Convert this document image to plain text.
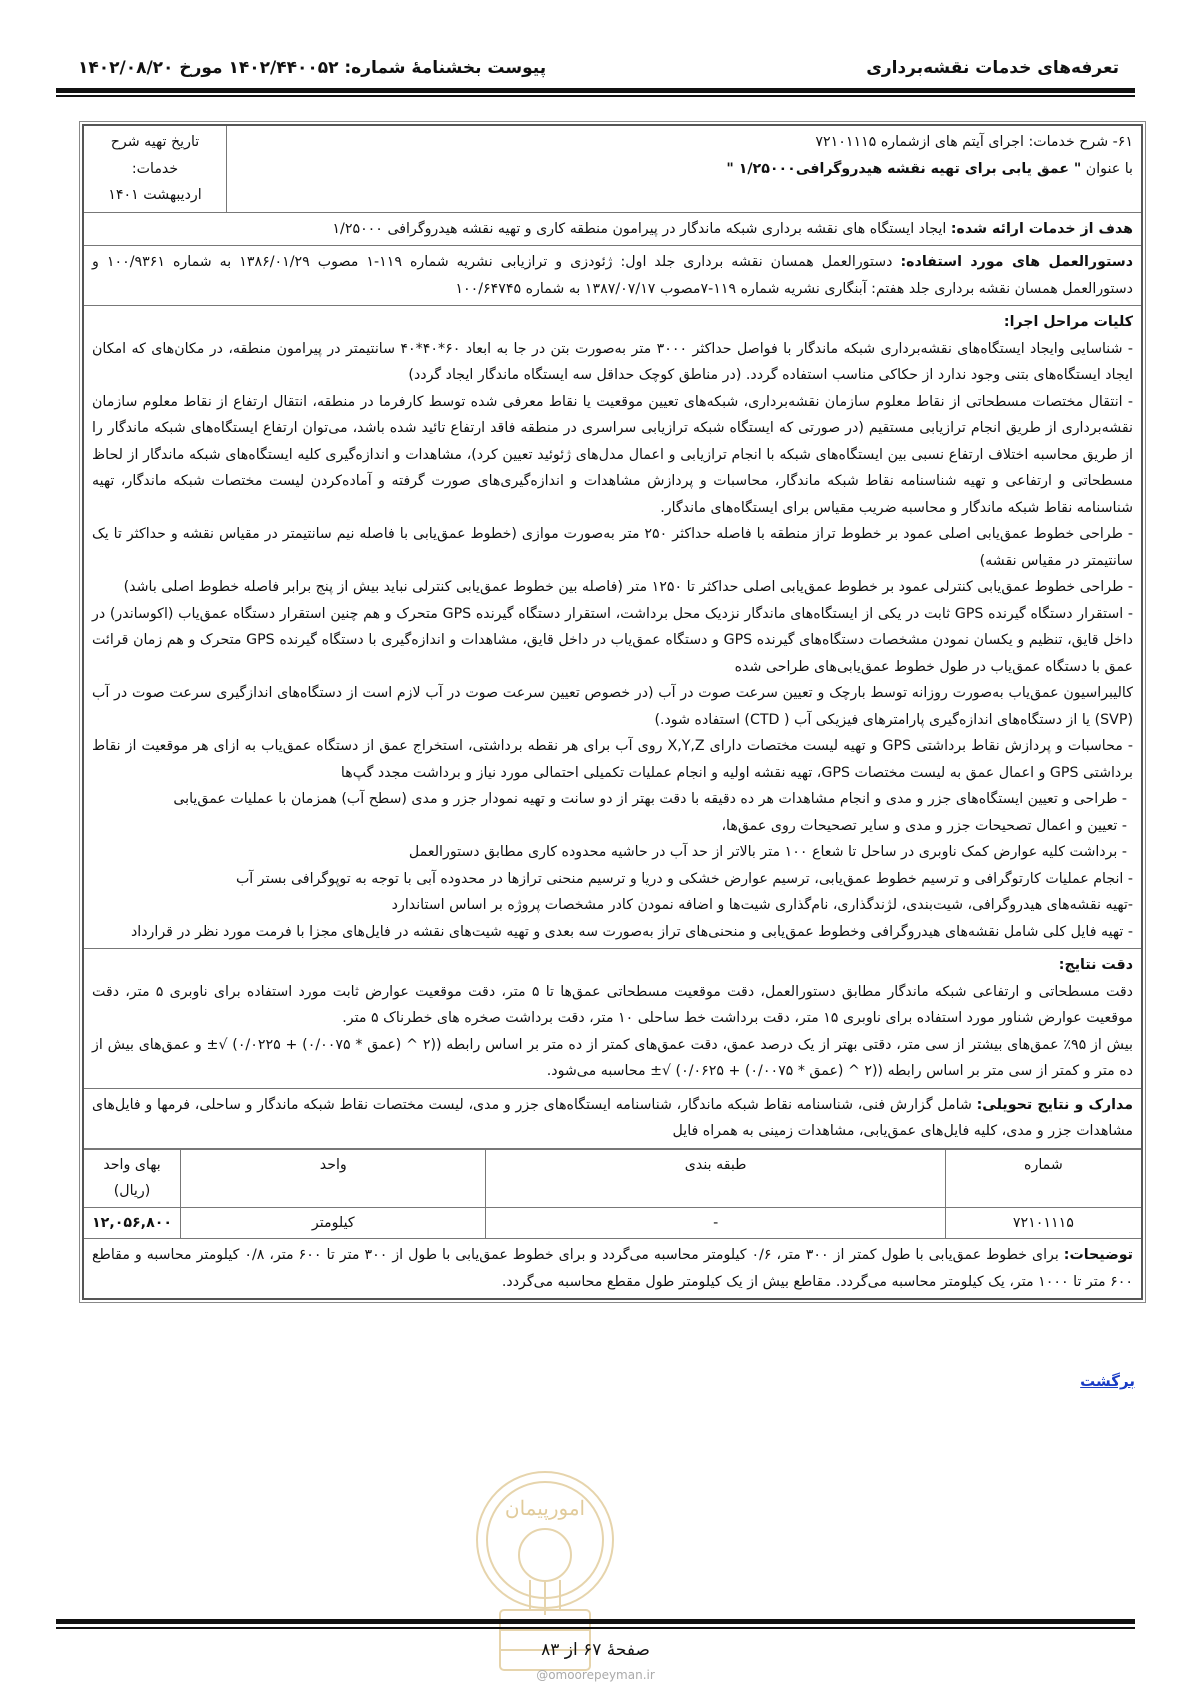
تعرفه‌های خدمات نقشه‌برداری
پیوست بخشنامهٔ شماره: ۱۴۰۲/۴۴۰۰۵۲ مورخ ۱۴۰۲/۰۸/۲۰
۶۱- شرح خدمات: اجرای آیتم های ازشماره ۷۲۱۰۱۱۱۵
با عنوان " عمق یابی برای تهیه نقشه هیدروگرافی۱/۲۵۰۰۰ "

تاریخ تهیه شرح خدمات:
اردیبهشت ۱۴۰۱
هدف از خدمات ارائه شده: ایجاد ایستگاه های نقشه برداری شبکه ماندگار در پیرامون منطقه کاری و تهیه نقشه هیدروگرافی ۱/۲۵۰۰۰
دستورالعمل های مورد استفاده: دستورالعمل همسان نقشه برداری جلد اول: ژئودزی و ترازیابی نشریه شماره ۱۱۹-۱ مصوب ۱۳۸۶/۰۱/۲۹ به شماره ۱۰۰/۹۳۶۱ و دستورالعمل همسان نقشه برداری جلد هفتم: آبنگاری نشریه شماره ۱۱۹-۷مصوب ۱۳۸۷/۰۷/۱۷ به شماره ۱۰۰/۶۴۷۴۵
کلیات مراحل اجرا:

- شناسایی وایجاد ایستگاه‌های نقشه‌برداری شبکه ماندگار با فواصل حداکثر ۳۰۰۰ متر به‌صورت بتن در جا به ابعاد ۶۰*۴۰*۴۰ سانتیمتر در پیرامون منطقه، در مکان‌های که امکان ایجاد ایستگاه‌های بتنی وجود ندارد از حکاکی مناسب استفاده گردد. (در مناطق کوچک حداقل سه ایستگاه ماندگار ایجاد گردد)

- انتقال مختصات مسطحاتی از نقاط معلوم سازمان نقشه‌برداری، شبکه‌های تعیین موقعیت یا نقاط معرفی شده توسط کارفرما در منطقه، انتقال ارتفاع از نقاط معلوم سازمان نقشه‌برداری از طریق انجام ترازیابی مستقیم (در صورتی که ایستگاه شبکه ترازیابی سراسری در منطقه فاقد ارتفاع تائید شده باشد، می‌توان ارتفاع ایستگاه‌های شبکه ماندگار را از طریق محاسبه اختلاف ارتفاع نسبی بین ایستگاه‌های شبکه با انجام ترازیابی و اعمال مدل‌های ژئوئید تعیین کرد)، مشاهدات و اندازه‌گیری کلیه ایستگاه‌های شبکه ماندگار از لحاظ مسطحاتی و ارتفاعی و تهیه شناسنامه نقاط شبکه ماندگار، محاسبات و پردازش مشاهدات و اندازه‌گیری‌های صورت گرفته و آماده‌کردن لیست مختصات شبکه ماندگار، تهیه شناسنامه نقاط شبکه ماندگار و محاسبه ضریب مقیاس برای ایستگاه‌های ماندگار.

- طراحی خطوط عمق‌یابی اصلی عمود بر خطوط تراز منطقه با فاصله حداکثر ۲۵۰ متر به‌صورت موازی (خطوط عمق‌یابی با فاصله نیم سانتیمتر در مقیاس نقشه و حداکثر تا یک سانتیمتر در مقیاس نقشه)

- طراحی خطوط عمق‌یابی کنترلی عمود بر خطوط عمق‌یابی اصلی حداکثر تا ۱۲۵۰ متر (فاصله بین خطوط عمق‌یابی کنترلی نباید بیش از پنج برابر فاصله خطوط اصلی باشد)

- استقرار دستگاه گیرنده GPS ثابت در یکی از ایستگاه‌های ماندگار نزدیک محل برداشت، استقرار دستگاه گیرنده GPS متحرک و هم چنین استقرار دستگاه عمق‌یاب (اکوساندر) در داخل قایق، تنظیم و یکسان نمودن مشخصات دستگاه‌های گیرنده GPS و دستگاه عمق‌یاب در داخل قایق، مشاهدات و اندازه‌گیری با دستگاه گیرنده GPS متحرک و هم زمان قرائت عمق با دستگاه عمق‌یاب در طول خطوط عمق‌یابی‌های طراحی شده

کالیبراسیون عمق‌یاب به‌صورت روزانه توسط بارچک و تعیین سرعت صوت در آب (در خصوص تعیین سرعت صوت در آب لازم است از دستگاه‌های اندازگیری سرعت صوت در آب (SVP) یا از دستگاه‌های اندازه‌گیری پارامترهای فیزیکی آب ( CTD) استفاده شود.)

- محاسبات و پردازش نقاط برداشتی GPS و تهیه لیست مختصات دارای X,Y,Z روی آب برای هر نقطه برداشتی، استخراج عمق از دستگاه عمق‌یاب به ازای هر موقعیت از نقاط برداشتی GPS و اعمال عمق به لیست مختصات GPS، تهیه نقشه اولیه و انجام عملیات تکمیلی احتمالی مورد نیاز و برداشت مجدد گپ‌ها

- طراحی و تعیین ایستگاه‌های جزر و مدی و انجام مشاهدات هر ده دقیقه با دقت بهتر از دو سانت و تهیه نمودار جزر و مدی (سطح آب) همزمان با عملیات عمق‌یابی

- تعیین و اعمال تصحیحات جزر و مدی و سایر تصحیحات روی عمق‌ها،

- برداشت کلیه عوارض کمک ناوبری در ساحل تا شعاع ۱۰۰ متر بالاتر از حد آب در حاشیه محدوده کاری مطابق دستورالعمل

- انجام عملیات کارتوگرافی و ترسیم خطوط عمق‌یابی، ترسیم عوارض خشکی و دریا و ترسیم منحنی ترازها در محدوده آبی با توجه به توپوگرافی بستر آب

-تهیه نقشه‌های هیدروگرافی، شیت‌بندی، لژندگذاری، نام‌گذاری شیت‌ها و اضافه نمودن کادر مشخصات پروژه بر اساس استاندارد

- تهیه فایل کلی شامل نقشه‌های هیدروگرافی وخطوط عمق‌یابی و منحنی‌های تراز به‌صورت سه بعدی و تهیه شیت‌های نقشه در فایل‌های مجزا با فرمت مورد نظر در قرارداد

دقت نتایج:

دقت مسطحاتی و ارتفاعی شبکه ماندگار مطابق دستورالعمل، دقت موقعیت مسطحاتی عمق‌ها تا ۵ متر، دقت موقعیت عوارض ثابت مورد استفاده برای ناوبری ۵ متر، دقت موقعیت عوارض شناور مورد استفاده برای ناوبری ۱۵ متر، دقت برداشت خط ساحلی ۱۰ متر، دقت برداشت صخره های خطرناک ۵ متر.

بیش از ۹۵٪ عمق‌های بیشتر از سی متر، دقتی بهتر از یک درصد عمق، دقت عمق‌های کمتر از ده متر بر اساس رابطه ((۲ ^ (عمق * ۰/۰۰۷۵) + ۰/۰۲۲۵) √± و عمق‌های بیش از ده متر و کمتر از سی متر بر اساس رابطه ((۲ ^ (عمق * ۰/۰۰۷۵) + ۰/۰۶۲۵) √± محاسبه می‌شود.

مدارک و نتایج تحویلی: شامل گزارش فنی، شناسنامه نقاط شبکه ماندگار، شناسنامه ایستگاه‌های جزر و مدی، لیست مختصات نقاط شبکه ماندگار و ساحلی، فرمها و فایل‌های مشاهدات جزر و مدی، کلیه فایل‌های عمق‌یابی، مشاهدات زمینی به همراه فایل
شماره	طبقه بندی	واحد	بهای واحد (ریال)
۷۲۱۰۱۱۱۵	-	کیلومتر	۱۲,۰۵۶,۸۰۰
توضیحات: برای خطوط عمق‌یابی با طول کمتر از ۳۰۰ متر، ۰/۶ کیلومتر محاسبه می‌گردد و برای خطوط عمق‌یابی با طول از ۳۰۰ متر تا ۶۰۰ متر، ۰/۸ کیلومتر محاسبه و مقاطع ۶۰۰ متر تا ۱۰۰۰ متر، یک کیلومتر محاسبه می‌گردد. مقاطع بیش از یک کیلومتر طول مقطع محاسبه می‌گردد.
برگشت
امورپیمان
صفحهٔ ۶۷ از ۸۳
@omoorepeyman.ir
